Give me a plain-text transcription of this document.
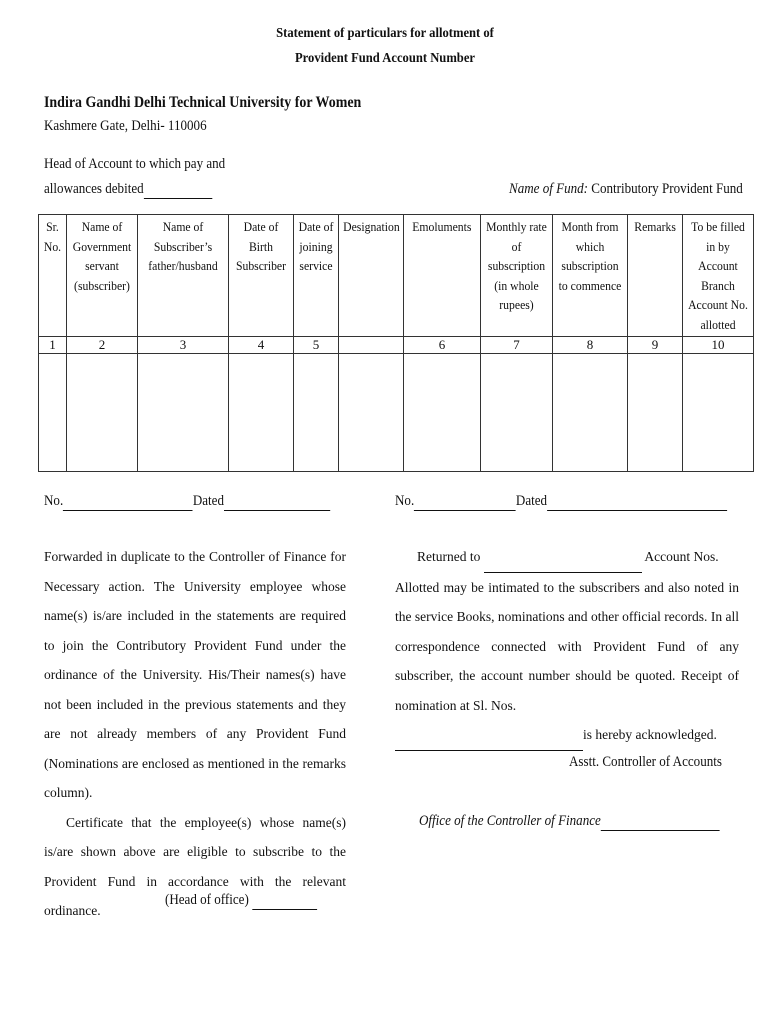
Statement of particulars for allotment of
Provident Fund Account Number
Indira Gandhi Delhi Technical University for Women
Kashmere Gate, Delhi- 110006
Head of Account to which pay and
allowances debited	Name of Fund: Contributory Provident Fund
Sr. No.	Name of Government servant (subscriber)	Name of Subscriber’s father/husband	Date of Birth Subscriber	Date of joining service	Designation	Emoluments	Monthly rate of subscription (in whole rupees)	Month from which subscription to commence	Remarks	To be filled in by Account Branch Account No. allotted
1	2	3	4	5		6	7	8	9	10

No.	Dated	No.	Dated

Forwarded in duplicate to the Controller of Finance for Necessary action. The University employee whose name(s) is/are included in the statements are required to join the Contributory Provident Fund under the ordinance of the University. His/Their names(s) have not been included in the previous statements and they are not already members of any Provident Fund (Nominations are enclosed as mentioned in the remarks column).

Certificate that the employee(s) whose name(s) is/are shown above are eligible to subscribe to the Provident Fund in accordance with the relevant ordinance.

(Head of office)

Returned to	Account Nos.

Allotted may be intimated to the subscribers and also noted in the service Books, nominations and other official records. In all correspondence connected with Provident Fund of any subscriber, the account number should be quoted. Receipt of nomination at Sl. Nos.

is hereby acknowledged.

Asstt. Controller of Accounts
Office of the Controller of Finance
